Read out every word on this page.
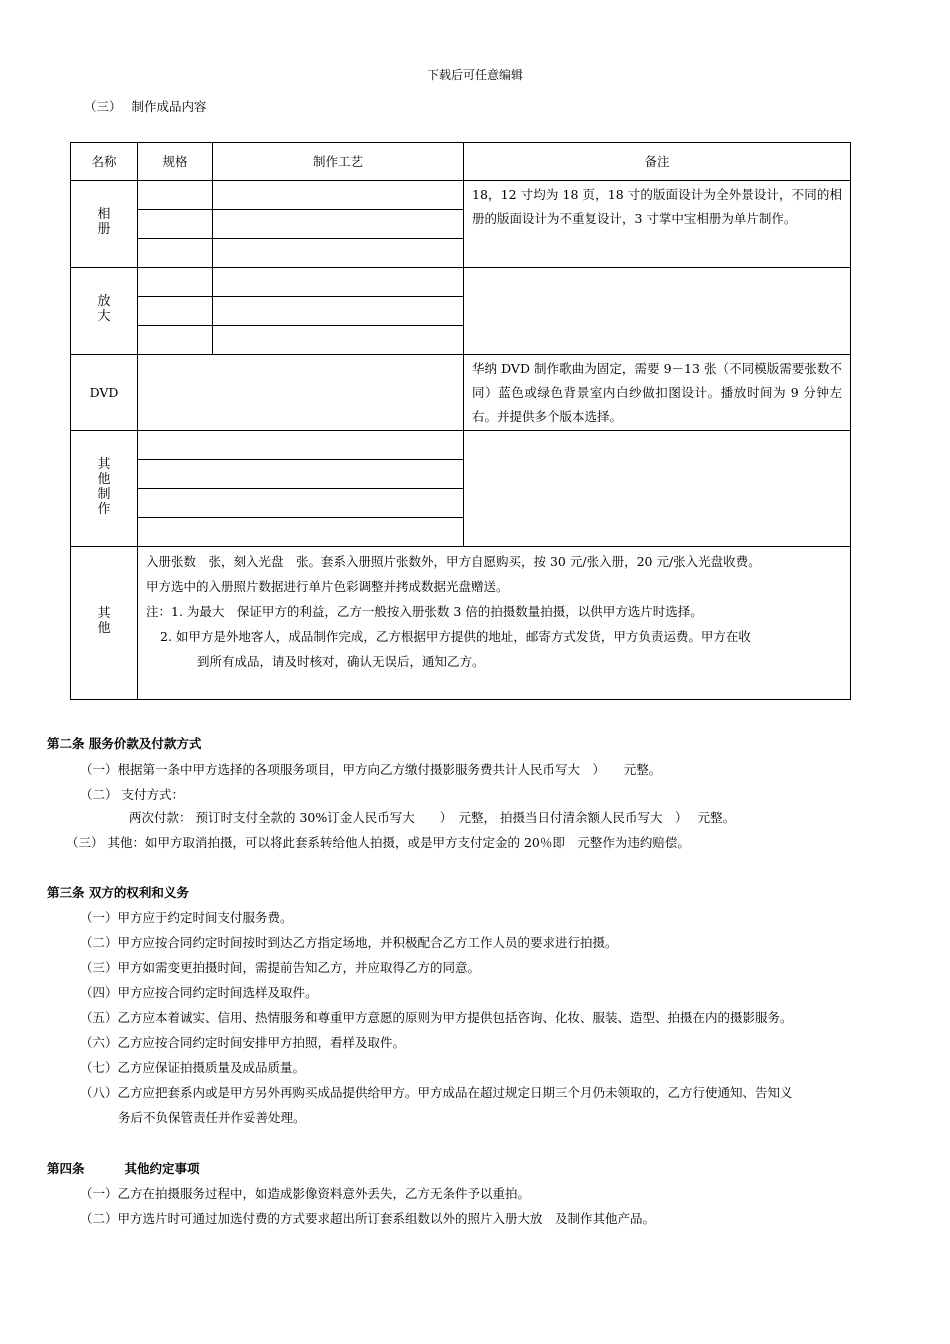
下载后可任意编辑
（三） 制作成品内容
名称	规格	制作工艺	备注
相册			18，12 寸均为 18 页，18 寸的版面设计为全外景设计，不同的相册的版面设计为不重复设计，3 寸掌中宝相册为单片制作。

放大			

DVD			华纳 DVD 制作歌曲为固定，需要 9－13 张（不同模版需要张数不同）蓝色或绿色背景室内白纱做扣图设计。播放时间为 9 分钟左右。并提供多个版本选择。
其他制作			

其他	入册张数　张，刻入光盘　张。套系入册照片张数外，甲方自愿购买，按 30 元/张入册，20 元/张入光盘收费。
甲方选中的入册照片数据进行单片色彩调整并拷成数据光盘赠送。
注：1. 为最大　保证甲方的利益，乙方一般按入册张数 3 倍的拍摄数量拍摄，以供甲方选片时选择。
2. 如甲方是外地客人，成品制作完成，乙方根据甲方提供的地址，邮寄方式发货，甲方负责运费。甲方在收
到所有成品，请及时核对，确认无误后，通知乙方。		
第二条 服务价款及付款方式
（一）根据第一条中甲方选择的各项服务项目，甲方向乙方缴付摄影服务费共计人民币写大　）　　元整。
（二） 支付方式：
两次付款： 预订时支付全款的 30%订金人民币写大　　）　元整， 拍摄当日付清余额人民币写大　）　 元整。
（三） 其他：如甲方取消拍摄，可以将此套系转给他人拍摄，或是甲方支付定金的 20％即　元整作为违约赔偿。
第三条 双方的权利和义务
（一）甲方应于约定时间支付服务费。
（二）甲方应按合同约定时间按时到达乙方指定场地，并积极配合乙方工作人员的要求进行拍摄。
（三）甲方如需变更拍摄时间，需提前告知乙方，并应取得乙方的同意。
（四）甲方应按合同约定时间选样及取件。
（五）乙方应本着诚实、信用、热情服务和尊重甲方意愿的原则为甲方提供包括咨询、化妆、服装、造型、拍摄在内的摄影服务。
（六）乙方应按合同约定时间安排甲方拍照，看样及取件。
（七）乙方应保证拍摄质量及成品质量。
（八）乙方应把套系内或是甲方另外再购买成品提供给甲方。甲方成品在超过规定日期三个月仍未领取的，乙方行使通知、告知义
务后不负保管责任并作妥善处理。
第四条	其他约定事项
（一）乙方在拍摄服务过程中，如造成影像资料意外丢失，乙方无条件予以重拍。
（二）甲方选片时可通过加选付费的方式要求超出所订套系组数以外的照片入册大放　及制作其他产品。
